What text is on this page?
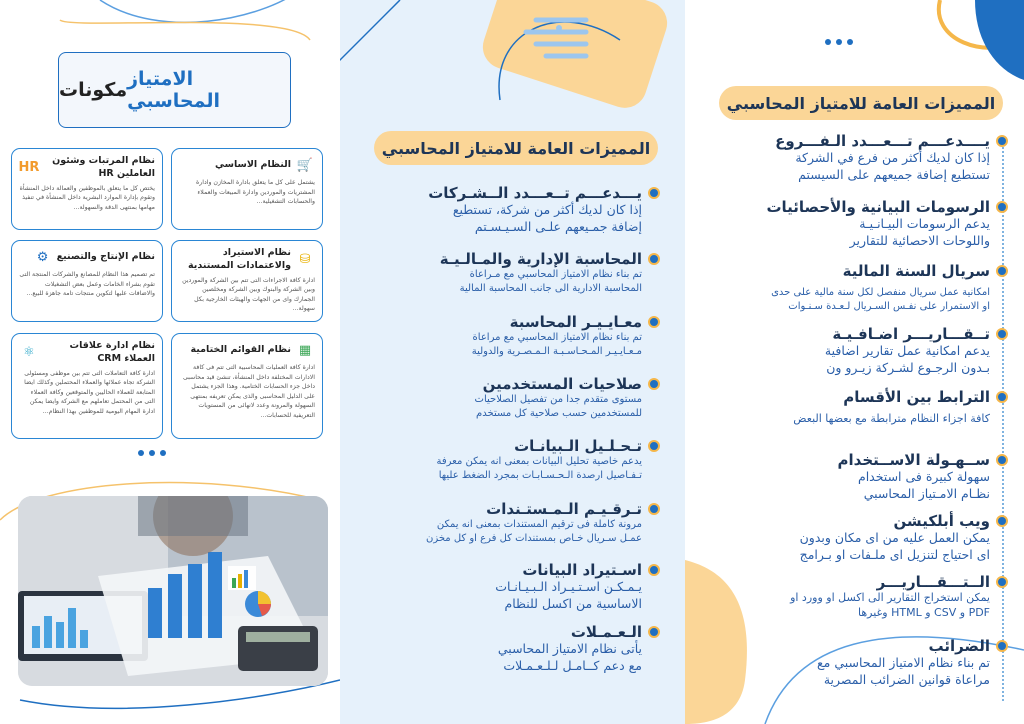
مكونات الامتياز المحاسبي
نظام المرتبات وشئون العاملين HR
HR
يختص كل ما يتعلق بالموظفين والعمالة داخل المنشأة وتقوم بإدارة الموارد البشرية داخل المنشأة في تنفيذ مهامها بمنتهى الدقة والسهولة...
🛒
النظام الاساسي
يشتمل على كل ما يتعلق بادارة المخازن وادارة المشتريات والموردين وادارة المبيعات والعملاء والحسابات التشغيلية...
نظام الإنتاج والتصنيع
⚙
تم تصميم هذا النظام للمصانع والشركات المنتجة التى تقوم بشراء الخامات وعمل بعض التشغيلات والاضافات عليها لتكوين منتجات تامة جاهزة للبيع...
⛁
نظام الاستيراد والاعتمادات المستندية
ادارة كافة الاجراءات التى تتم بين الشركة والموردين وبين الشركة والبنوك وبين الشركة ومخلصين الجمارك واى من الجهات والهيئات الخارجية بكل سهولة...
نظام ادارة علاقات العملاء CRM
⚛
ادارة كافة التعاملات التى تتم بين موظفى ومسئولى الشركة تجاه عملائها والعملاء المحتملين وكذلك ايضا المتابعة للعملاء الحاليين والمتوقعين وكافة العملاء التى من المحتمل تعاملهم مع الشركة وايضا يمكن ادارة المهام اليومية للموظفين بهذا النظام...
▦
نظام القوائم الختامية
ادارة كافة العمليات المحاسبية التى تتم فى كافة الادارات المختلفة داخل المنشأة، تنشئ قيد محاسبى داخل جزء الحسابات الختامية. وهذا الجزء يشتمل على الدليل المحاسبى والذى يمكن تعريفه بمنتهى السهولة والمرونة وعدد لانهائى من المستويات التعريفية للحسابات...
المميزات العامة للامتياز المحاسبي
يـــدعـــم تــعـــدد الــشـركات
إذا كان لديك أكثر من شركة، تستطيع
إضافة جمـيعهم علـى السـيـسـتم
المحاسبة الإدارية والمـالـيـة
تم بناء نظام الامتياز المحاسبي مع مـراعاة
المحاسبة الادارية الى جانب المحاسبة المالية
معـايـيـر المحاسبة
تم بناء نظام الامتياز المحاسبي مع مراعاة
مـعـايـيـر المـحـاسـبـة الـمـصـرية والدولية
صلاحيات المستخدمين
مستوى متقدم جدا من تفصيل الصلاحيات
للمستخدمين حسب صلاحية كل مستخدم
تـحـلـيل الـبيانـات
يدعم خاصية تحليل البيانات بمعنى انه يمكن معرفة
تـفـاصيل ارصدة الـحـسـابـات بمجرد الضغط عليها
تـرقـيـم الـمـستـندات
مرونة كاملة فى ترقيم المستندات بمعنى انه يمكن
عمـل سـريال خـاص بمستندات كل فرع او كل مخزن
اسـتيراد البيانات
يـمـكـن اسـتـيـراد الـبـيـانـات
الاساسية من اكسل للنظام
الـعـمـلات
يأتى نظام الامتياز المحاسبي
مع دعم كــامـل لـلـعـمـلات
المميزات العامة للامتياز المحاسبي
يــــدعـــم تـــعـــدد الـفـــروع
إذا كان لديك أكثر من فرع في الشركة
تستطيع إضافة جميعهم على السيستم
الرسومات البيانية والأحصائيات
يدعم الرسومات البيـانـيـة
واللوحات الاحصائية للتقارير
سريال السنة المالية
امكانية عمل سريال منفصل لكل سنة مالية على حدى
او الاستمرار على نفـس السـريال لـعـدة سـنـوات
تــقـــاريـــر اضـافـيـة
يدعم امكانية عمل تقارير اضافية
بـدون الرجـوع لشـركة زيـرو ون
الترابط بين الأقسام
كافة اجزاء النظام مترابطة مع بعضها البعض
ســهـولة الاســتخدام
سهولة كبيرة فى استخدام
نظـام الامـتياز المحاسبي
ويب أبلكيشن
يمكن العمل عليه من اى مكان وبدون
اى احتياج لتنزيل اى ملـفات او بـرامج
الــتـــقـــاريـــر
يمكن استخراج التقارير الى اكسل او وورد او
PDF و CSV و HTML وغيرها
الضرائب
تم بناء نظام الامتياز المحاسبي مع
مراعاة قوانين الضرائب المصرية
